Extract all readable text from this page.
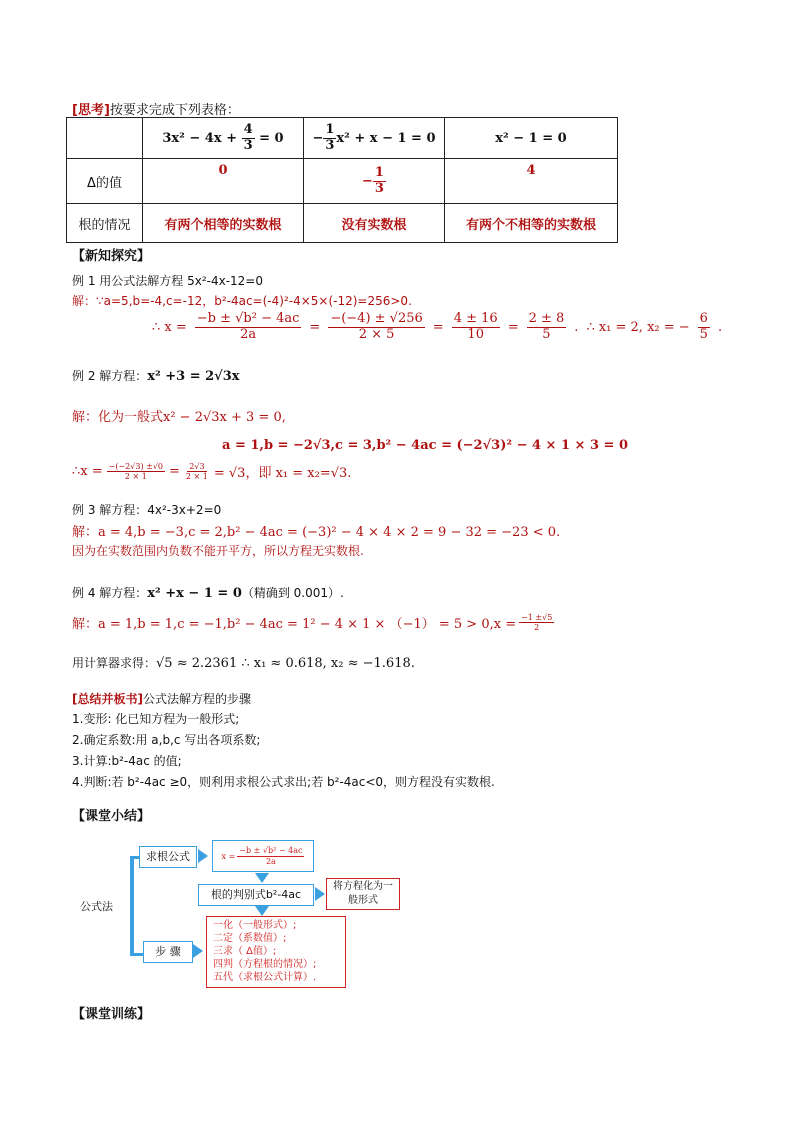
[思考]按要求完成下列表格：
	$3x^2 - 4x + \frac{4}{3} = 0$	− $\frac{1}{3} x^2 + x - 1 = 0$	x² − 1 = 0
Δ的值	0	− $\frac{1}{3}$	4
根的情况	有两个相等的实数根	没有实数根	有两个不相等的实数根
【新知探究】
例 1 用公式法解方程 5x²-4x-12=0
解：∵a=5,b=-4,c=-12，b²-4ac=(-4)²-4×5×(-12)=256>0.
∴ $x = \frac{\text{−b ± √b² − 4ac}}{2a} = \frac{-(-4) \pm √256}{2 \times 5} = \frac{4 \pm 16}{10} = \frac{2 \pm 8}{5}$ . ∴ x₁ = 2, x₂ = − $\frac{6}{5}$ .
例 2 解方程：x² +3 = 2√3x
解：化为一般式x² − 2√3x + 3 = 0,
a = 1,b = −2√3,c = 3,b² − 4ac = (−2√3)² − 4 × 1 × 3 = 0
∴x = $\frac{-(-2√3) \pm√0}{2 \times 1} = \frac{2√3}{2 \times 1} = √3$，即 x₁ = x₂=√3.
例 3 解方程：4x²-3x+2=0
解：a = 4,b = −3,c = 2,b² − 4ac = (−3)² − 4 × 4 × 2 = 9 − 32 = −23 < 0.
因为在实数范围内负数不能开平方，所以方程无实数根.
例 4 解方程：x² +x − 1 = 0（精确到 0.001）.
解：$a = 1,b = 1,c = -1,b^2 - 4ac = 1^2 - 4 \times 1 \times (-1) = 5 > 0,x = \frac{-1 \pm√5}{2}$
用计算器求得：√5 ≈ 2.2361 ∴ x₁ ≈ 0.618, x₂ ≈ −1.618.
[总结并板书]公式法解方程的步骤
1.变形: 化已知方程为一般形式;
2.确定系数:用 a,b,c 写出各项系数;
3.计算:b²-4ac 的值;
4.判断:若 b²-4ac ≥0，则利用求根公式求出;若 b²-4ac<0，则方程没有实数根.
【课堂小结】
公式法
求根公式	$x = \frac{\text{−b ± √b² − 4ac}}{2a}$
根的判别式b²-4ac
将方程化为一般形式
步 骤
一化（一般形式）;
二定（系数值）;
三求（ Δ值）;
四判（方程根的情况）;
五代（求根公式计算）.
【课堂训练】
